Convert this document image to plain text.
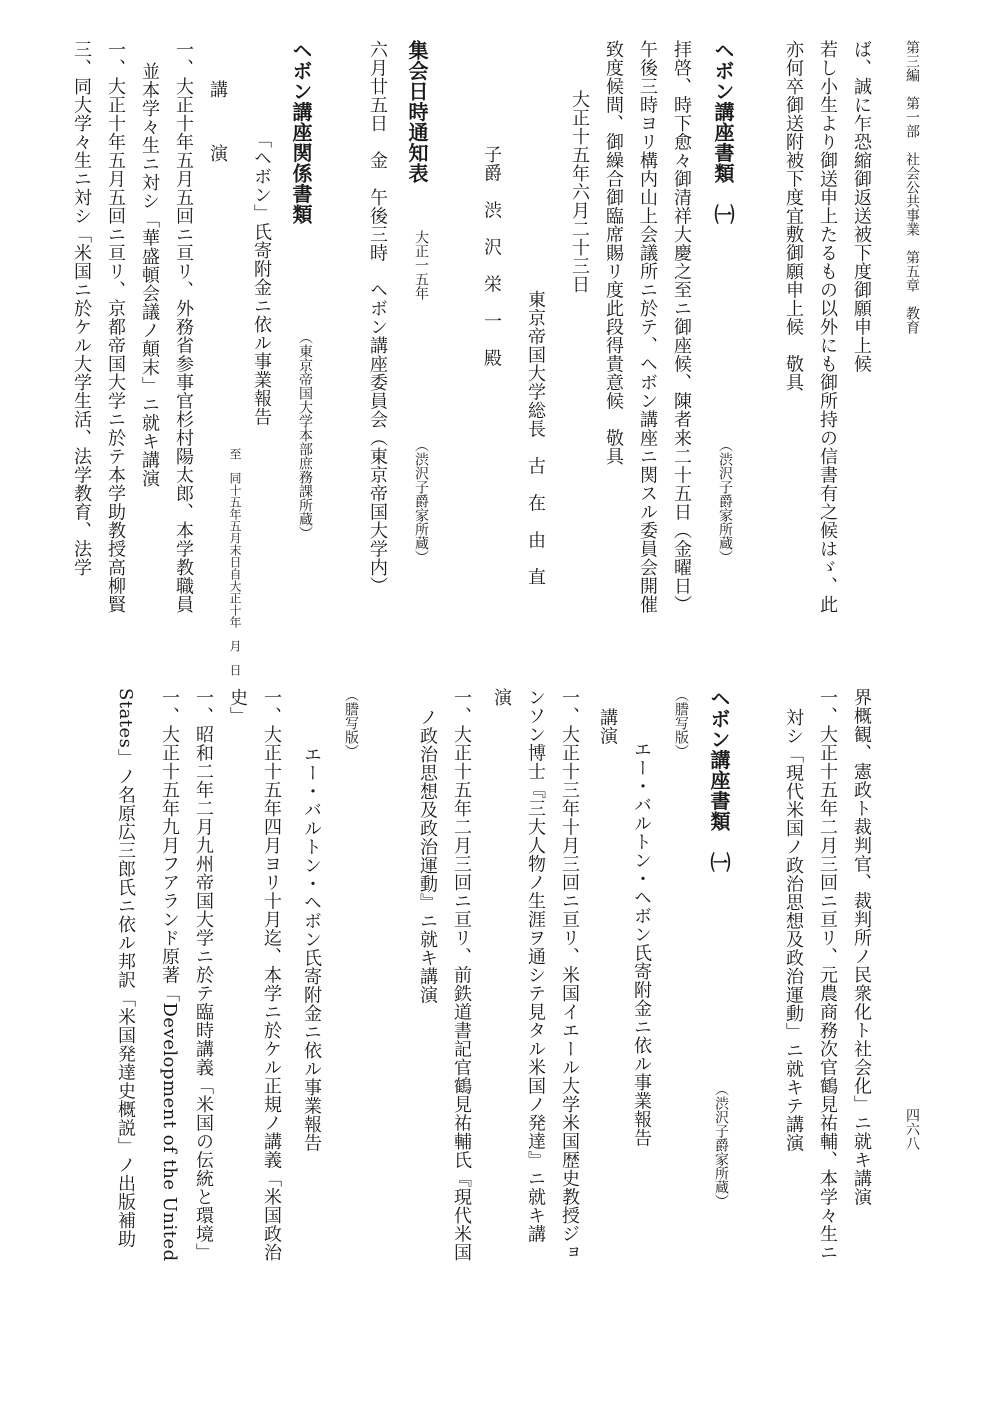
第三編　第一部　社会公共事業　第五章　教育
四六八
ば、誠に乍恐縮御返送被下度御願申上候
若し小生より御送申上たるもの以外にも御所持の信書有之候はゞ、此
亦何卒御送附被下度宜敷御願申上候　敬具
ヘボン講座書類　㈠
（渋沢子爵家所蔵）
拝啓、時下愈々御清祥大慶之至ニ御座候、陳者来二十五日（金曜日）
午後三時ヨリ構内山上会議所ニ於テ、ヘボン講座ニ関スル委員会開催
致度候間、御繰合御臨席賜リ度此段得貴意候　敬具
大正十五年六月二十三日
東京帝国大学総長　古　在　由　直
子爵　渋　沢　栄　一　殿
集会日時通知表
大正一五年
（渋沢子爵家所蔵）
六月廿五日　金　午後三時　ヘボン講座委員会（東京帝国大学内）
ヘボン講座関係書類
（東京帝国大学本部庶務課所蔵）
「ヘボン」氏寄附金ニ依ル事業報告
自大正十年　月　日
至　同十五年五月末日
講　演
一、大正十年五月五回ニ亘リ、外務省参事官杉村陽太郎、本学教職員
並本学々生ニ対シ「華盛頓会議ノ顛末」ニ就キ講演
一、大正十年五月五回ニ亘リ、京都帝国大学ニ於テ本学助教授高柳賢
三、同大学々生ニ対シ「米国ニ於ケル大学生活、法学教育、法学
界概観、憲政ト裁判官、裁判所ノ民衆化ト社会化」ニ就キ講演
一、大正十五年二月三回ニ亘リ、元農商務次官鶴見祐輔、本学々生ニ
対シ「現代米国ノ政治思想及政治運動」ニ就キテ講演
ヘボン講座書類　㈠
（渋沢子爵家所蔵）
（謄写版）
エー・バルトン・ヘボン氏寄附金ニ依ル事業報告
講演
一、大正十三年十月三回ニ亘リ、米国イエール大学米国歴史教授ジョ
ンソン博士『三大人物ノ生涯ヲ通シテ見タル米国ノ発達』ニ就キ講
演
一、大正十五年二月三回ニ亘リ、前鉄道書記官鶴見祐輔氏『現代米国
ノ政治思想及政治運動』ニ就キ講演
（謄写版）
エー・バルトン・ヘボン氏寄附金ニ依ル事業報告
一、大正十五年四月ヨリ十月迄、本学ニ於ケル正規ノ講義「米国政治
史」
一、昭和二年二月九州帝国大学ニ於テ臨時講義「米国の伝統と環境」
一、大正十五年九月フアランド原著「Development of the United
States」ノ名原広三郎氏ニ依ル邦訳「米国発達史概説」ノ出版補助
